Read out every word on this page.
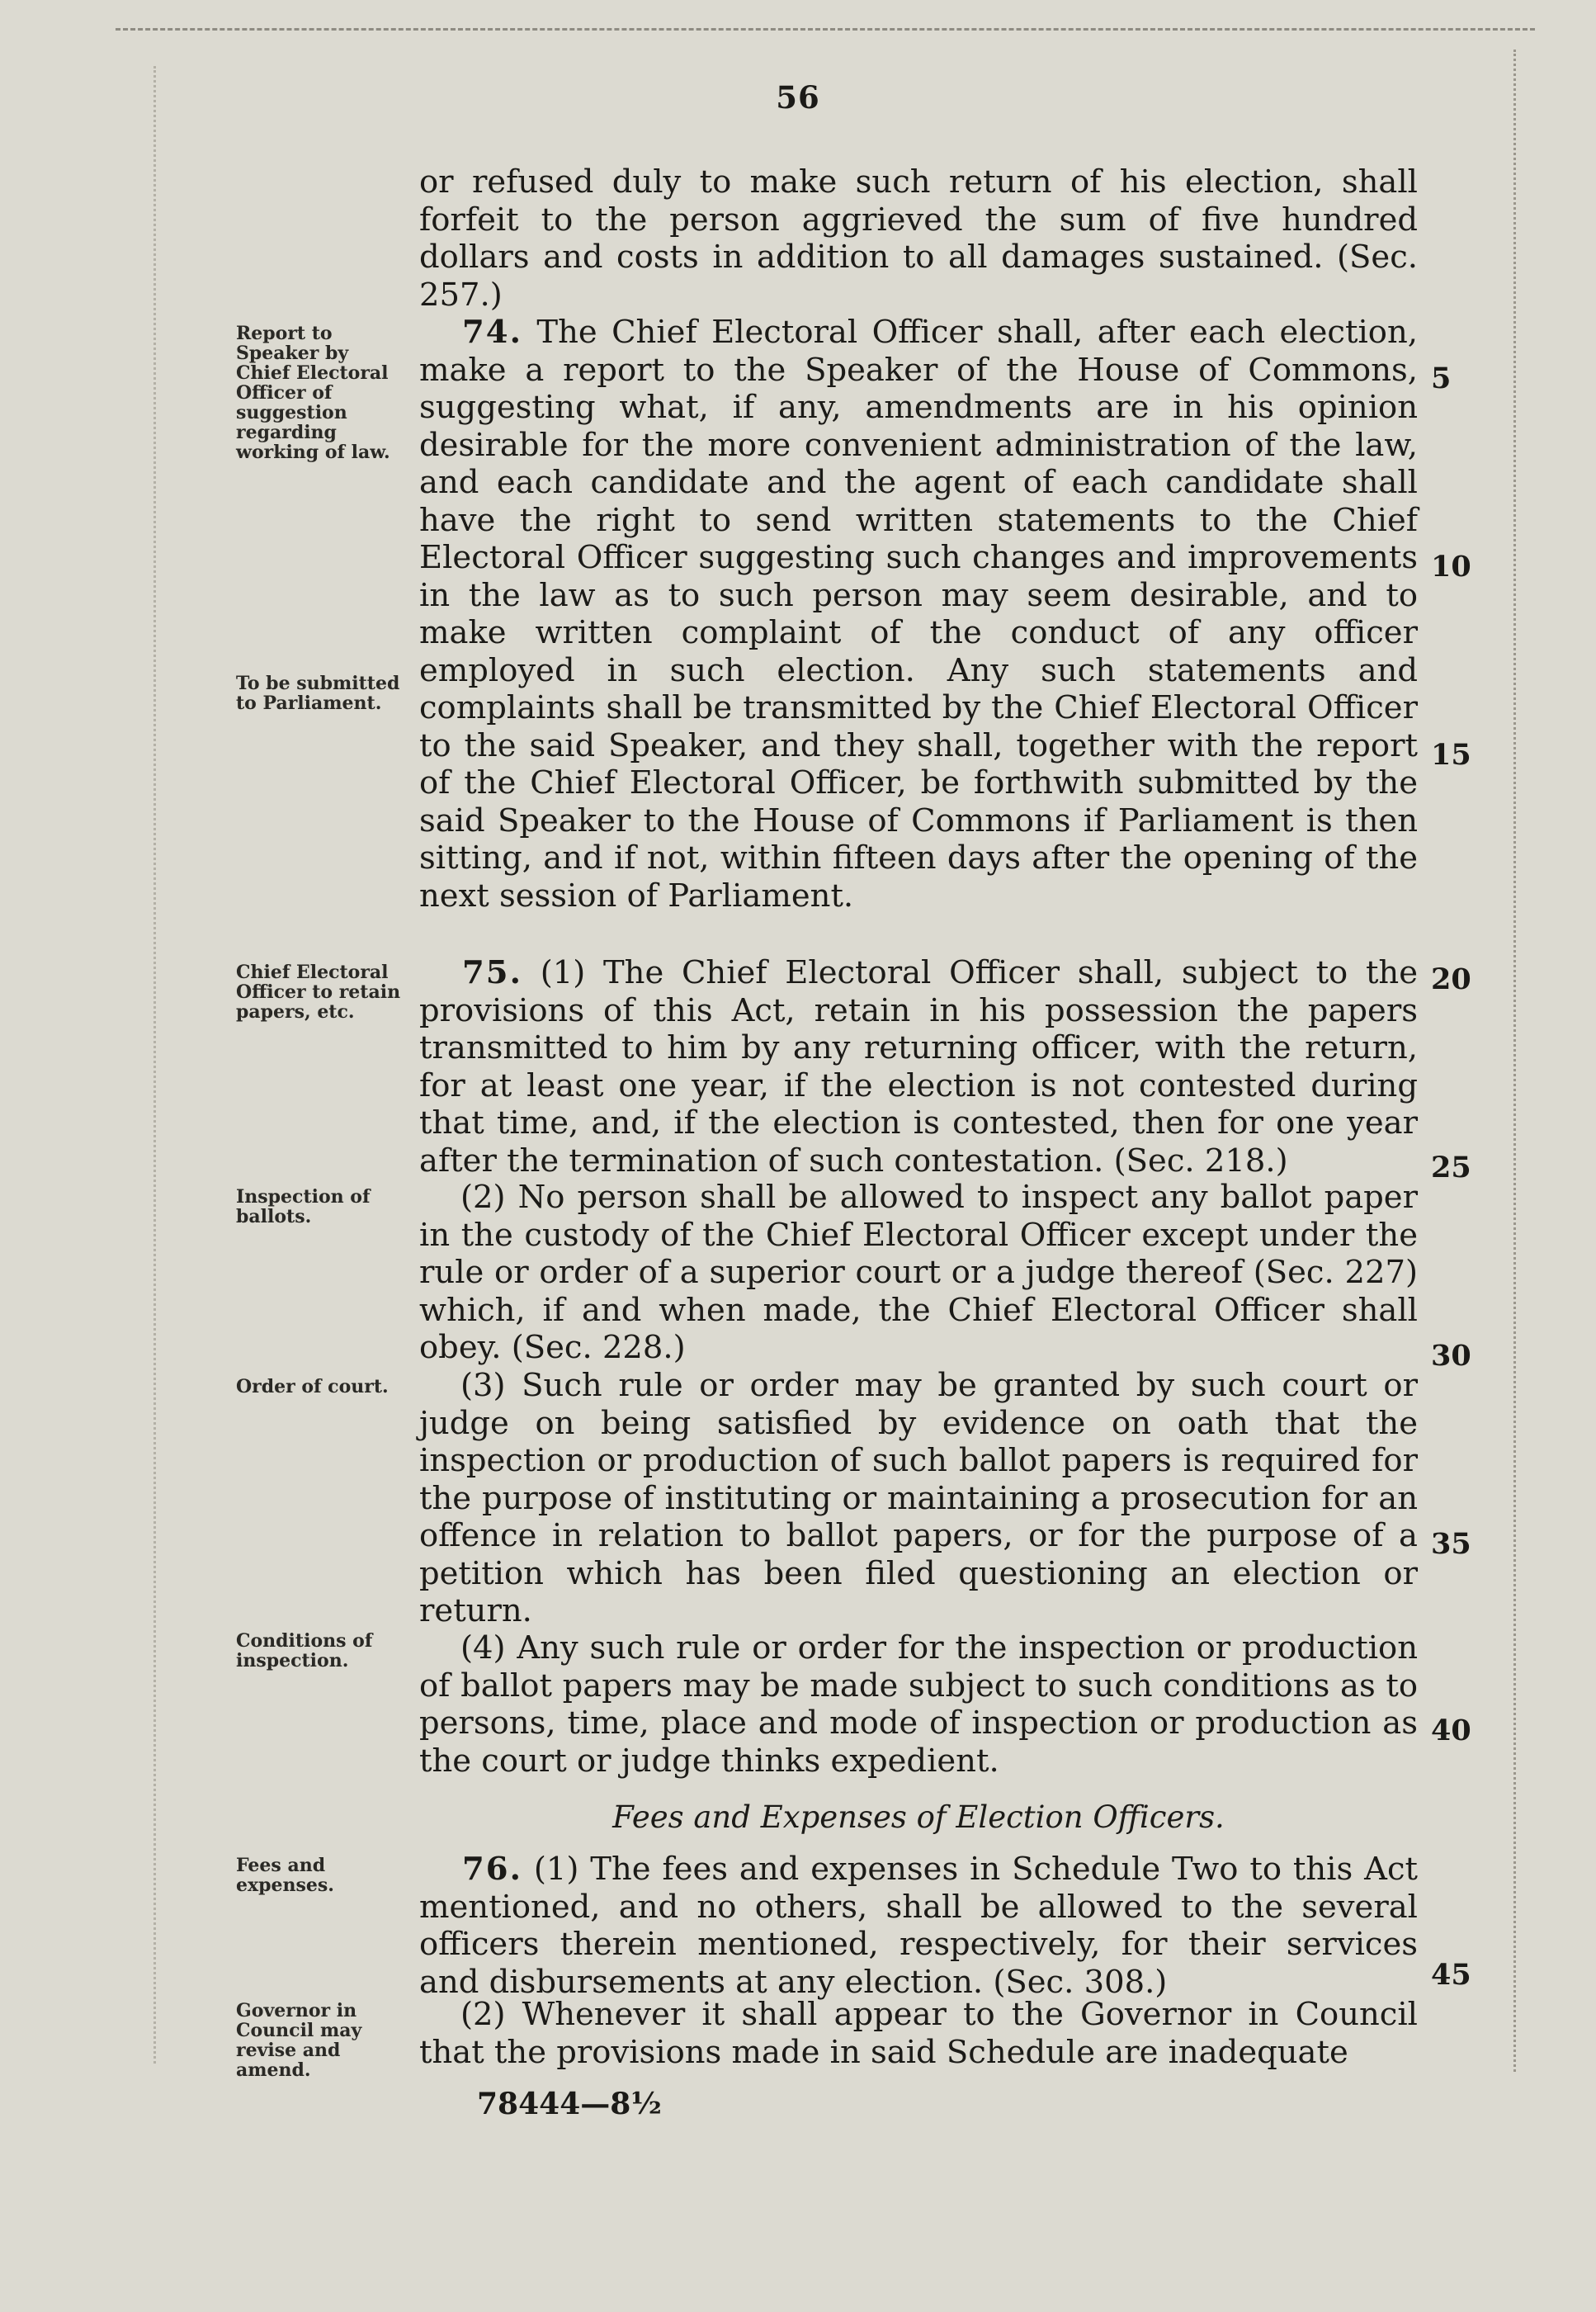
56
or refused duly to make such return of his election, shall forfeit to the person aggrieved the sum of five hundred dollars and costs in addition to all damages sustained. (Sec. 257.)
Report to Speaker by Chief Electoral Officer of suggestion regarding working of law.
74. The Chief Electoral Officer shall, after each election, make a report to the Speaker of the House of Commons, suggesting what, if any, amendments are in his opinion desirable for the more convenient administration of the law, and each candidate and the agent of each candidate shall have the right to send written statements to the Chief Electoral Officer suggesting such changes and improvements in the law as to such person may seem desirable, and to make written complaint of the conduct of any officer employed in such election. Any such statements and complaints shall be transmitted by the Chief Electoral Officer to the said Speaker, and they shall, together with the report of the Chief Electoral Officer, be forthwith submitted by the said Speaker to the House of Commons if Parliament is then sitting, and if not, within fifteen days after the opening of the next session of Parliament.
To be submitted to Parliament.
Chief Electoral Officer to retain papers, etc.
75. (1) The Chief Electoral Officer shall, subject to the provisions of this Act, retain in his possession the papers transmitted to him by any returning officer, with the return, for at least one year, if the election is not contested during that time, and, if the election is contested, then for one year after the termination of such contestation. (Sec. 218.)
Inspection of ballots.
(2) No person shall be allowed to inspect any ballot paper in the custody of the Chief Electoral Officer except under the rule or order of a superior court or a judge thereof (Sec. 227) which, if and when made, the Chief Electoral Officer shall obey. (Sec. 228.)
Order of court.	(3) Such rule or order may be granted by such court or judge on being satisfied by evidence on oath that the inspection or production of such ballot papers is required for the purpose of instituting or maintaining a prosecution for an offence in relation to ballot papers, or for the purpose of a petition which has been filed questioning an election or return.
Conditions of inspection.	(4) Any such rule or order for the inspection or production of ballot papers may be made subject to such conditions as to persons, time, place and mode of inspection or production as the court or judge thinks expedient.
Fees and Expenses of Election Officers.
Fees and expenses.	76. (1) The fees and expenses in Schedule Two to this Act mentioned, and no others, shall be allowed to the several officers therein mentioned, respectively, for their services and disbursements at any election. (Sec. 308.)
Governor in Council may revise and amend.
(2) Whenever it shall appear to the Governor in Council that the provisions made in said Schedule are inadequate
5
10
15
20
25
30
35
40
45
78444—8½
